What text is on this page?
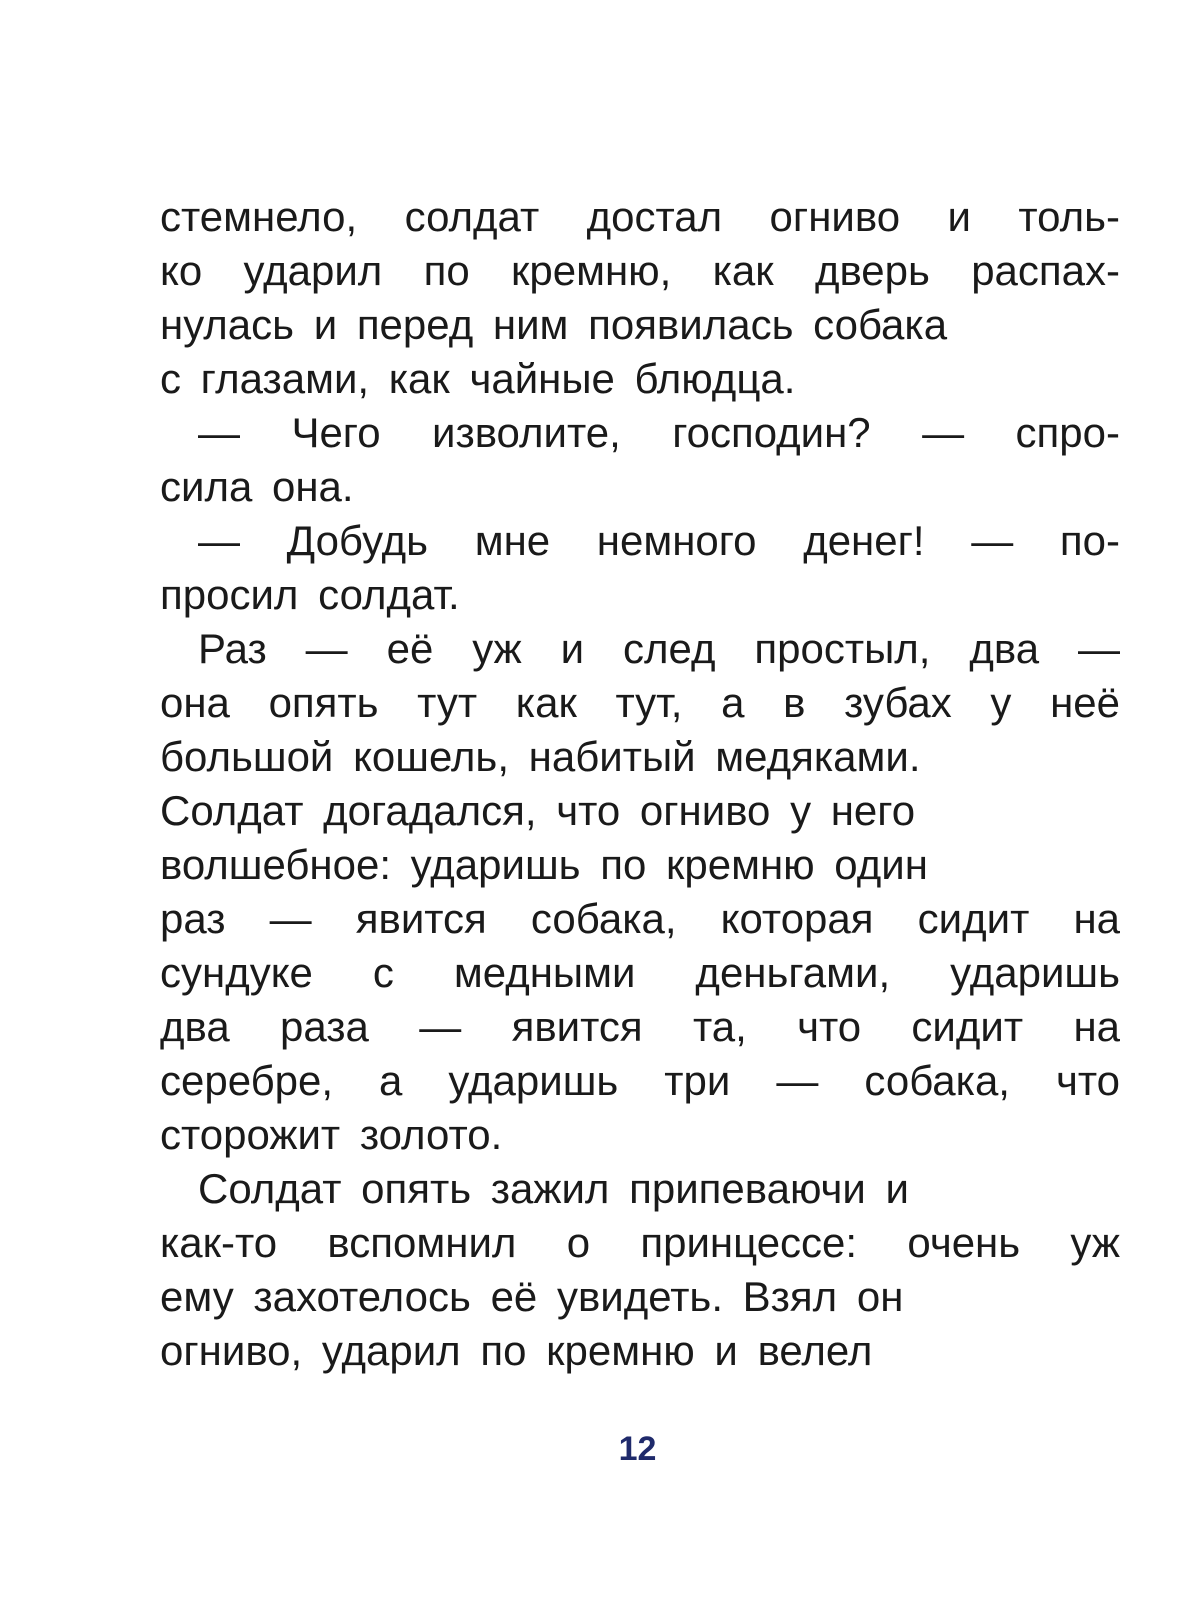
стемнело, солдат достал огниво и толь-
ко ударил по кремню, как дверь распах-
нулась и перед ним появилась собака
с глазами, как чайные блюдца.
— Чего изволите, господин? — спро-
сила она.
— Добудь мне немного денег! — по-
просил солдат.
Раз — её уж и след простыл, два —
она опять тут как тут, а в зубах у неё
большой кошель, набитый медяками.
Солдат догадался, что огниво у него
волшебное: ударишь по кремню один
раз — явится собака, которая сидит на
сундуке с медными деньгами, ударишь
два раза — явится та, что сидит на
серебре, а ударишь три — собака, что
сторожит золото.
Солдат опять зажил припеваючи и
как-то вспомнил о принцессе: очень уж
ему захотелось её увидеть. Взял он
огниво, ударил по кремню и велел
12
